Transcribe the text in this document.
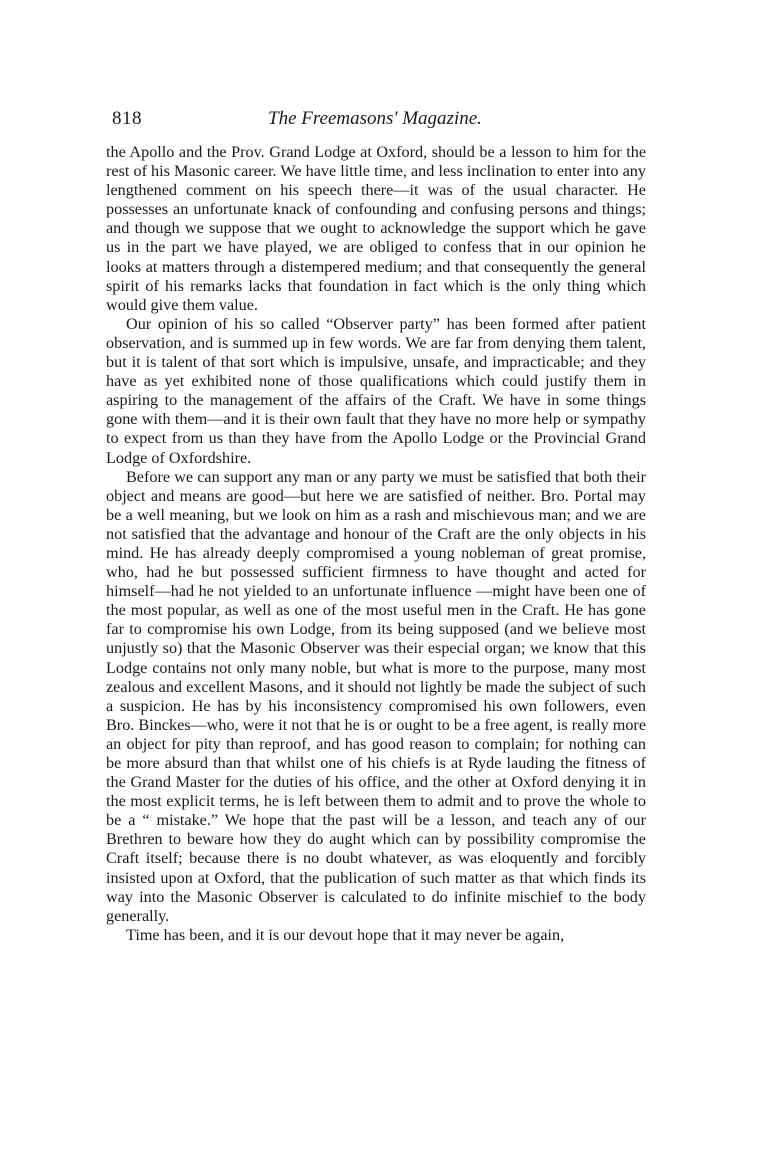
818	The Freemasons' Magazine.

the Apollo and the Prov. Grand Lodge at Oxford, should be a lesson to him for the rest of his Masonic career. We have little time, and less inclination to enter into any lengthened comment on his speech there—it was of the usual character. He possesses an unfortunate knack of confounding and confusing persons and things; and though we suppose that we ought to acknowledge the support which he gave us in the part we have played, we are obliged to confess that in our opinion he looks at matters through a distempered medium; and that consequently the general spirit of his remarks lacks that foundation in fact which is the only thing which would give them value.

Our opinion of his so called “Observer party” has been formed after patient observation, and is summed up in few words. We are far from denying them talent, but it is talent of that sort which is impulsive, unsafe, and impracticable; and they have as yet exhibited none of those qualifications which could justify them in aspiring to the management of the affairs of the Craft. We have in some things gone with them—and it is their own fault that they have no more help or sympathy to expect from us than they have from the Apollo Lodge or the Provincial Grand Lodge of Oxfordshire.

Before we can support any man or any party we must be satisfied that both their object and means are good—but here we are satisfied of neither. Bro. Portal may be a well meaning, but we look on him as a rash and mischievous man; and we are not satisfied that the advantage and honour of the Craft are the only objects in his mind. He has already deeply compromised a young nobleman of great promise, who, had he but possessed sufficient firmness to have thought and acted for himself—had he not yielded to an unfortunate influence —might have been one of the most popular, as well as one of the most useful men in the Craft. He has gone far to compromise his own Lodge, from its being supposed (and we believe most unjustly so) that the Masonic Observer was their especial organ; we know that this Lodge contains not only many noble, but what is more to the purpose, many most zealous and excellent Masons, and it should not lightly be made the subject of such a suspicion. He has by his inconsistency compromised his own followers, even Bro. Binckes—who, were it not that he is or ought to be a free agent, is really more an object for pity than reproof, and has good reason to complain; for nothing can be more absurd than that whilst one of his chiefs is at Ryde lauding the fitness of the Grand Master for the duties of his office, and the other at Oxford denying it in the most explicit terms, he is left between them to admit and to prove the whole to be a “ mistake.” We hope that the past will be a lesson, and teach any of our Brethren to beware how they do aught which can by possibility compromise the Craft itself; because there is no doubt whatever, as was eloquently and forcibly insisted upon at Oxford, that the publication of such matter as that which finds its way into the Masonic Observer is calculated to do infinite mischief to the body generally.

Time has been, and it is our devout hope that it may never be again,
